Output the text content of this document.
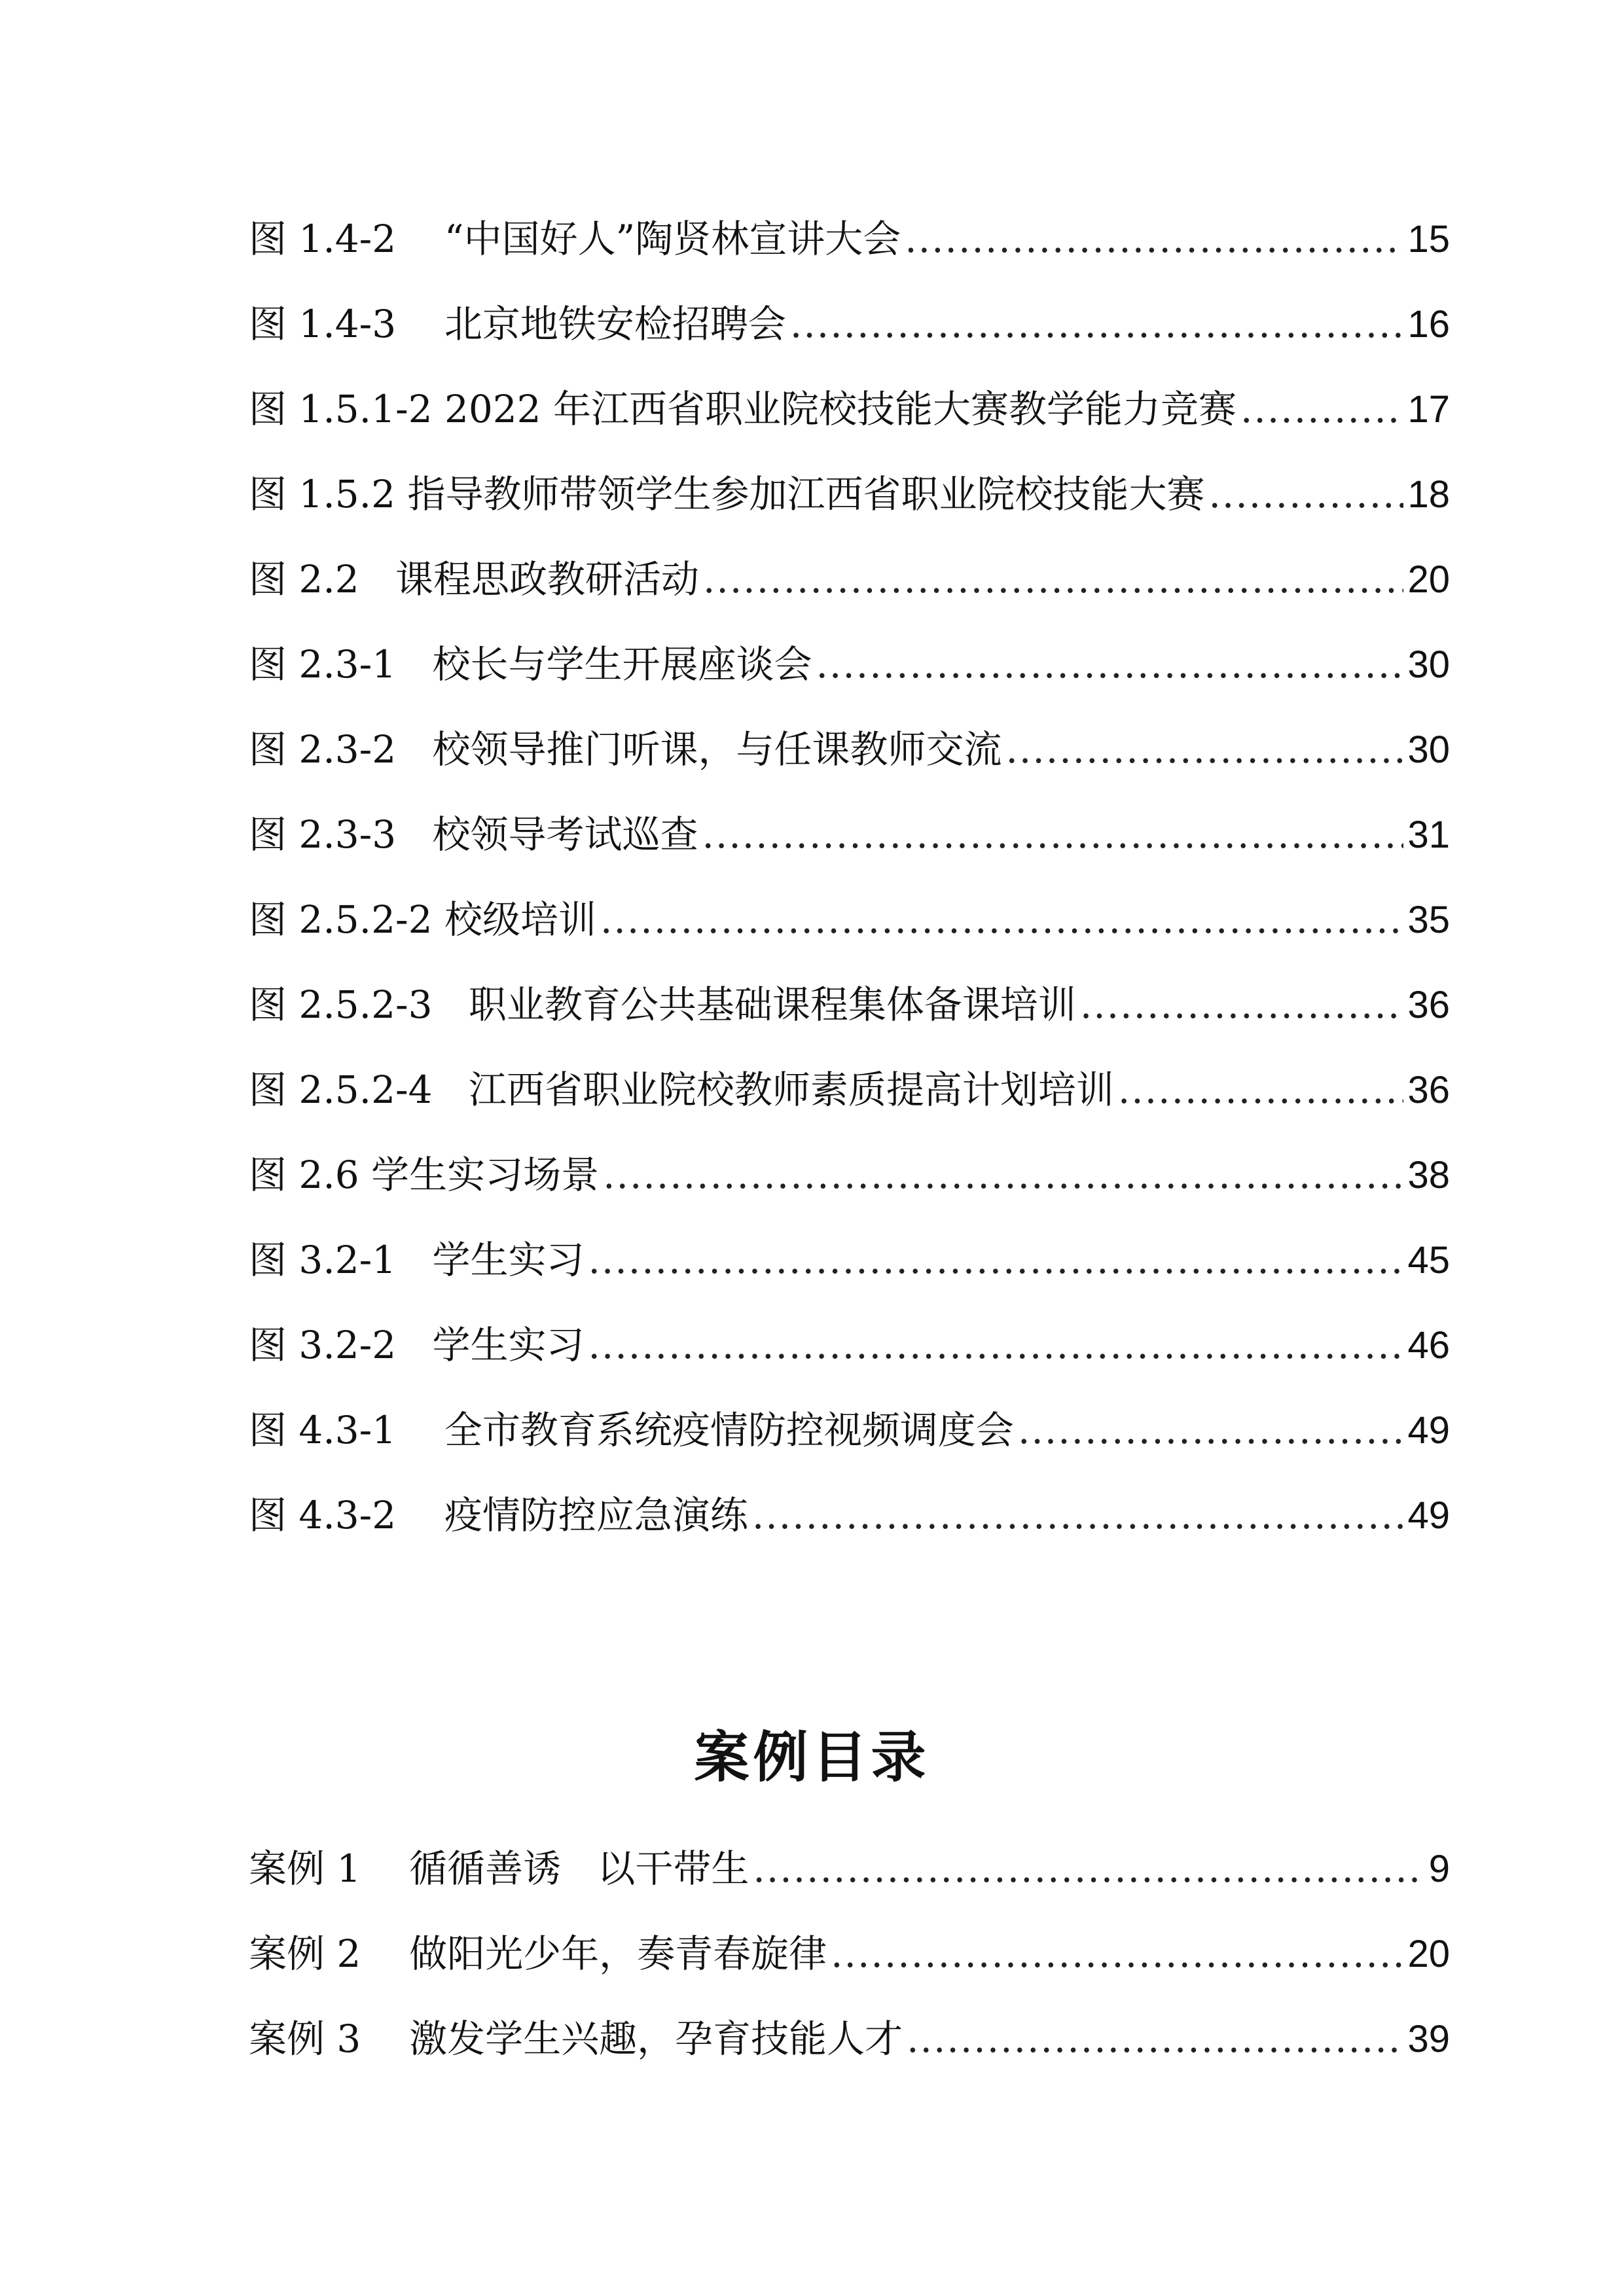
图 1.4-2    “中国好人”陶贤林宣讲大会 .....	15
图 1.4-3    北京地铁安检招聘会 .....	16
图 1.5.1-2 2022 年江西省职业院校技能大赛教学能力竞赛 .....	17
图 1.5.2 指导教师带领学生参加江西省职业院校技能大赛 .....	18
图 2.2   课程思政教研活动 .....	20
图 2.3-1   校长与学生开展座谈会 .....	30
图 2.3-2   校领导推门听课，与任课教师交流 .....	30
图 2.3-3   校领导考试巡查 .....	31
图 2.5.2-2 校级培训 .....	35
图 2.5.2-3   职业教育公共基础课程集体备课培训 .....	36
图 2.5.2-4   江西省职业院校教师素质提高计划培训 .....	36
图 2.6 学生实习场景 .....	38
图 3.2-1   学生实习 .....	45
图 3.2-2   学生实习 .....	46
图 4.3-1    全市教育系统疫情防控视频调度会 .....	49
图 4.3-2    疫情防控应急演练 .....	49
案例目录
案例 1    循循善诱   以干带生 .....	9
案例 2    做阳光少年，奏青春旋律 .....	20
案例 3    激发学生兴趣，孕育技能人才 .....	39
